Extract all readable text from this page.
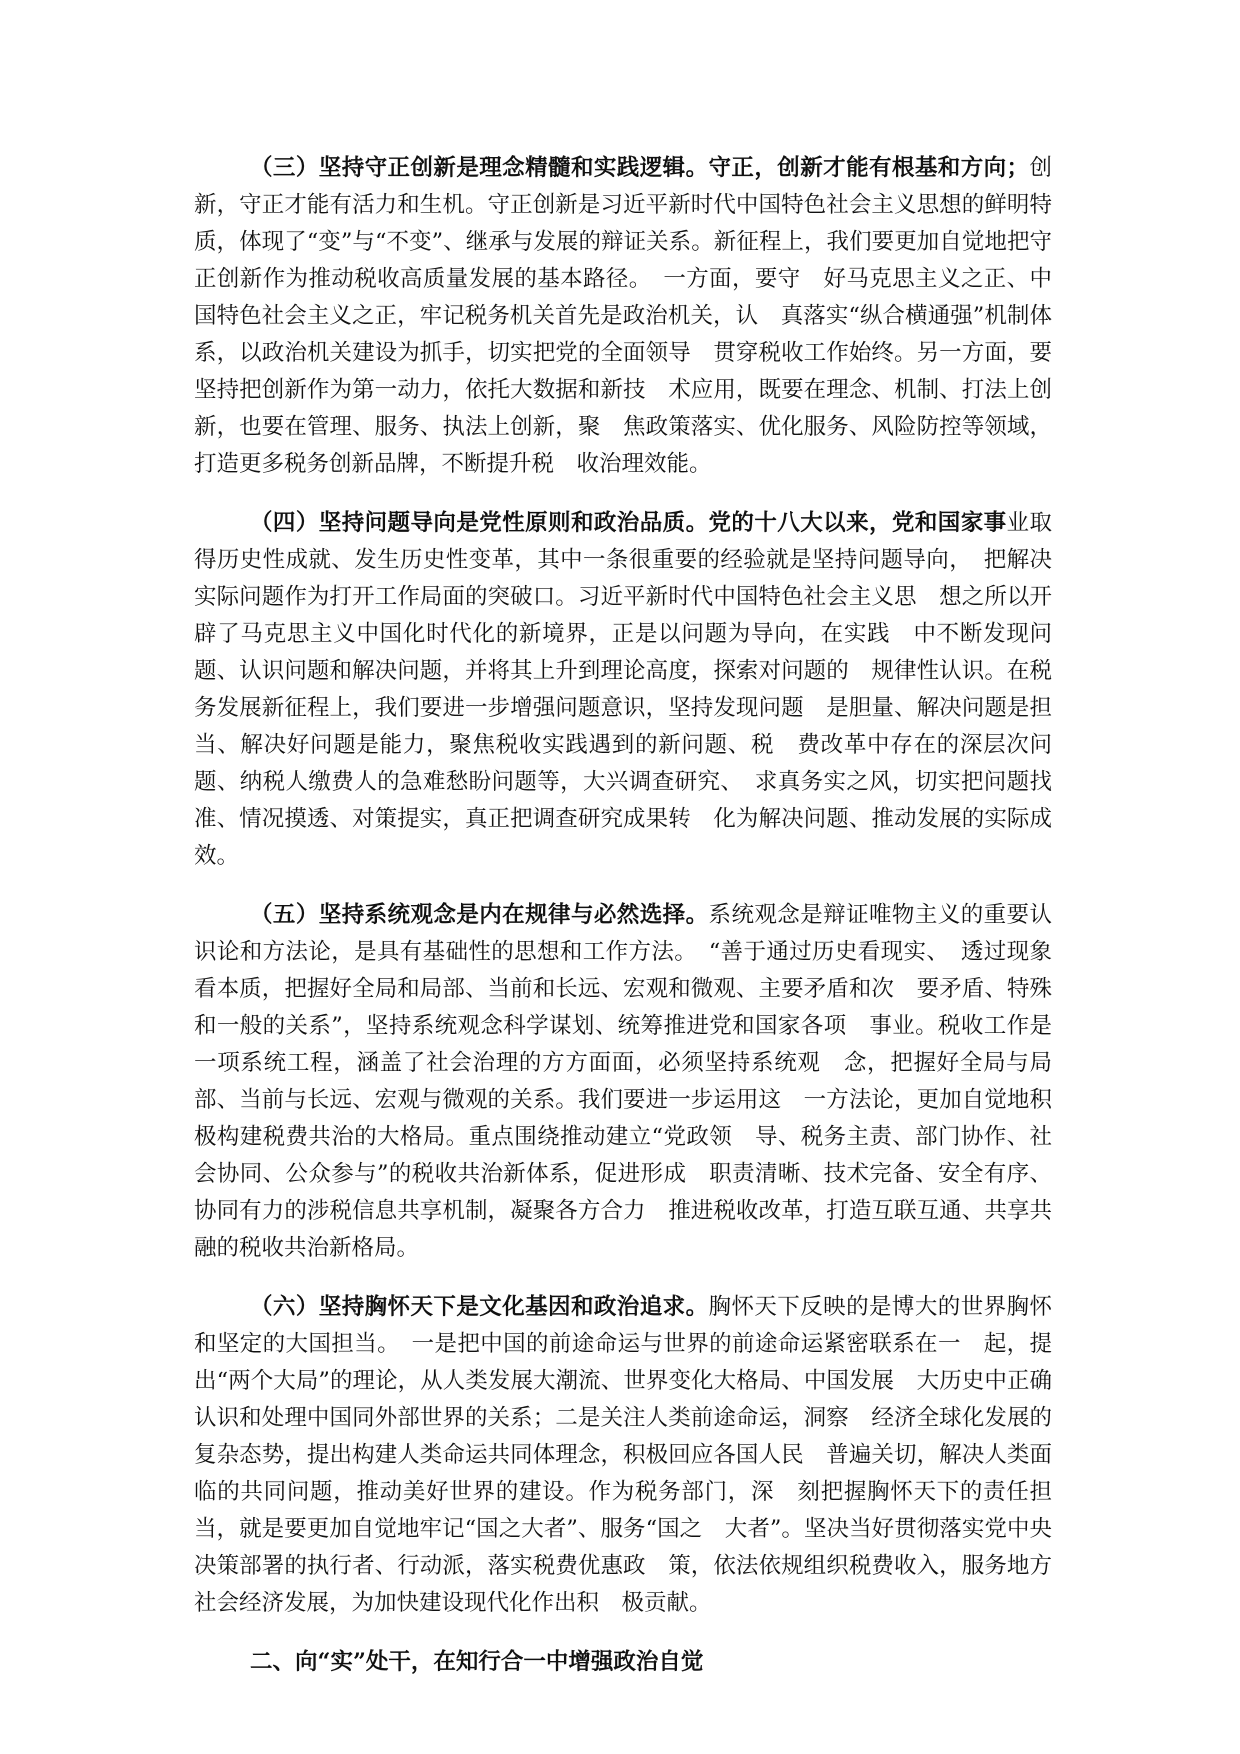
（三）坚持守正创新是理念精髓和实践逻辑。守正，创新才能有根基和方向；创新，守正才能有活力和生机。守正创新是习近平新时代中国特色社会主义思想的鲜明特质，体现了“变”与“不变”、继承与发展的辩证关系。新征程上，我们要更加自觉地把守正创新作为推动税收高质量发展的基本路径。　一方面，要守　好马克思主义之正、中国特色社会主义之正，牢记税务机关首先是政治机关，认　真落实“纵合横通强”机制体系，以政治机关建设为抓手，切实把党的全面领导　贯穿税收工作始终。另一方面，要坚持把创新作为第一动力，依托大数据和新技　术应用，既要在理念、机制、打法上创新，也要在管理、服务、执法上创新，聚　焦政策落实、优化服务、风险防控等领域，打造更多税务创新品牌，不断提升税　收治理效能。

（四）坚持问题导向是党性原则和政治品质。党的十八大以来，党和国家事业取得历史性成就、发生历史性变革，其中一条很重要的经验就是坚持问题导向，　把解决实际问题作为打开工作局面的突破口。习近平新时代中国特色社会主义思　想之所以开辟了马克思主义中国化时代化的新境界，正是以问题为导向，在实践　中不断发现问题、认识问题和解决问题，并将其上升到理论高度，探索对问题的　规律性认识。在税务发展新征程上，我们要进一步增强问题意识，坚持发现问题　是胆量、解决问题是担当、解决好问题是能力，聚焦税收实践遇到的新问题、税　费改革中存在的深层次问题、纳税人缴费人的急难愁盼问题等，大兴调查研究、　求真务实之风，切实把问题找准、情况摸透、对策提实，真正把调查研究成果转　化为解决问题、推动发展的实际成效。

（五）坚持系统观念是内在规律与必然选择。系统观念是辩证唯物主义的重要认识论和方法论，是具有基础性的思想和工作方法。　“善于通过历史看现实、　透过现象看本质，把握好全局和局部、当前和长远、宏观和微观、主要矛盾和次　要矛盾、特殊和一般的关系”，坚持系统观念科学谋划、统筹推进党和国家各项　事业。税收工作是一项系统工程，涵盖了社会治理的方方面面，必须坚持系统观　念，把握好全局与局部、当前与长远、宏观与微观的关系。我们要进一步运用这　一方法论，更加自觉地积极构建税费共治的大格局。重点围绕推动建立“党政领　导、税务主责、部门协作、社会协同、公众参与”的税收共治新体系，促进形成　职责清晰、技术完备、安全有序、协同有力的涉税信息共享机制，凝聚各方合力　推进税收改革，打造互联互通、共享共融的税收共治新格局。

（六）坚持胸怀天下是文化基因和政治追求。胸怀天下反映的是博大的世界胸怀和坚定的大国担当。　一是把中国的前途命运与世界的前途命运紧密联系在一　起，提出“两个大局”的理论，从人类发展大潮流、世界变化大格局、中国发展　大历史中正确认识和处理中国同外部世界的关系；二是关注人类前途命运，洞察　经济全球化发展的复杂态势，提出构建人类命运共同体理念，积极回应各国人民　普遍关切，解决人类面临的共同问题，推动美好世界的建设。作为税务部门，深　刻把握胸怀天下的责任担当，就是要更加自觉地牢记“国之大者”、服务“国之　大者”。坚决当好贯彻落实党中央决策部署的执行者、行动派，落实税费优惠政　策，依法依规组织税费收入，服务地方社会经济发展，为加快建设现代化作出积　极贡献。

二、向“实”处干，在知行合一中增强政治自觉
